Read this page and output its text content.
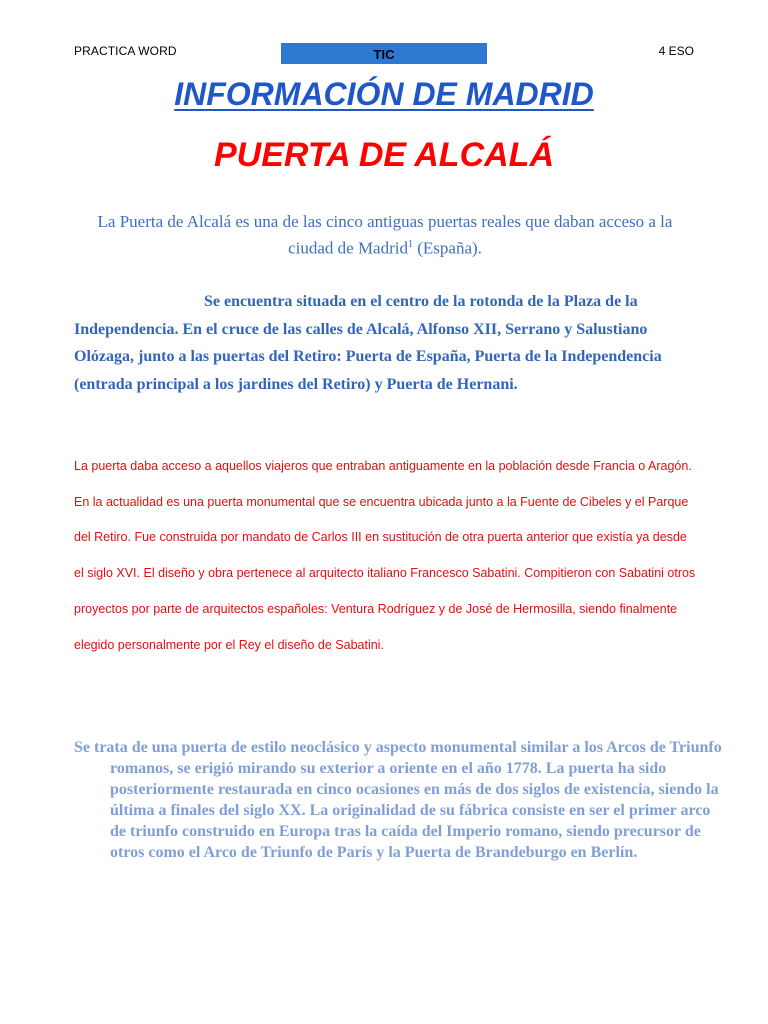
PRACTICA WORD	TIC	4 ESO
INFORMACIÓN DE MADRID
PUERTA DE ALCALÁ
La Puerta de Alcalá es una de las cinco antiguas puertas reales que daban acceso a la ciudad de Madrid$^1$ (España).
Se encuentra situada en el centro de la rotonda de la Plaza de la Independencia. En el cruce de las calles de Alcalá, Alfonso XII, Serrano y Salustiano Olózaga, junto a las puertas del Retiro: Puerta de España, Puerta de la Independencia (entrada principal a los jardines del Retiro) y Puerta de Hernani.
La puerta daba acceso a aquellos viajeros que entraban antiguamente en la población desde Francia o Aragón. En la actualidad es una puerta monumental que se encuentra ubicada junto a la Fuente de Cibeles y el Parque del Retiro. Fue construida por mandato de Carlos III en sustitución de otra puerta anterior que existía ya desde el siglo XVI. El diseño y obra pertenece al arquitecto italiano Francesco Sabatini. Compitieron con Sabatini otros proyectos por parte de arquitectos españoles: Ventura Rodríguez y de José de Hermosilla, siendo finalmente elegido personalmente por el Rey el diseño de Sabatini.
Se trata de una puerta de estilo neoclásico y aspecto monumental similar a los Arcos de Triunfo romanos, se erigió mirando su exterior a oriente en el año 1778. La puerta ha sido posteriormente restaurada en cinco ocasiones en más de dos siglos de existencia, siendo la última a finales del siglo XX. La originalidad de su fábrica consiste en ser el primer arco de triunfo construido en Europa tras la caída del Imperio romano, siendo precursor de otros como el Arco de Triunfo de París y la Puerta de Brandeburgo en Berlín.
